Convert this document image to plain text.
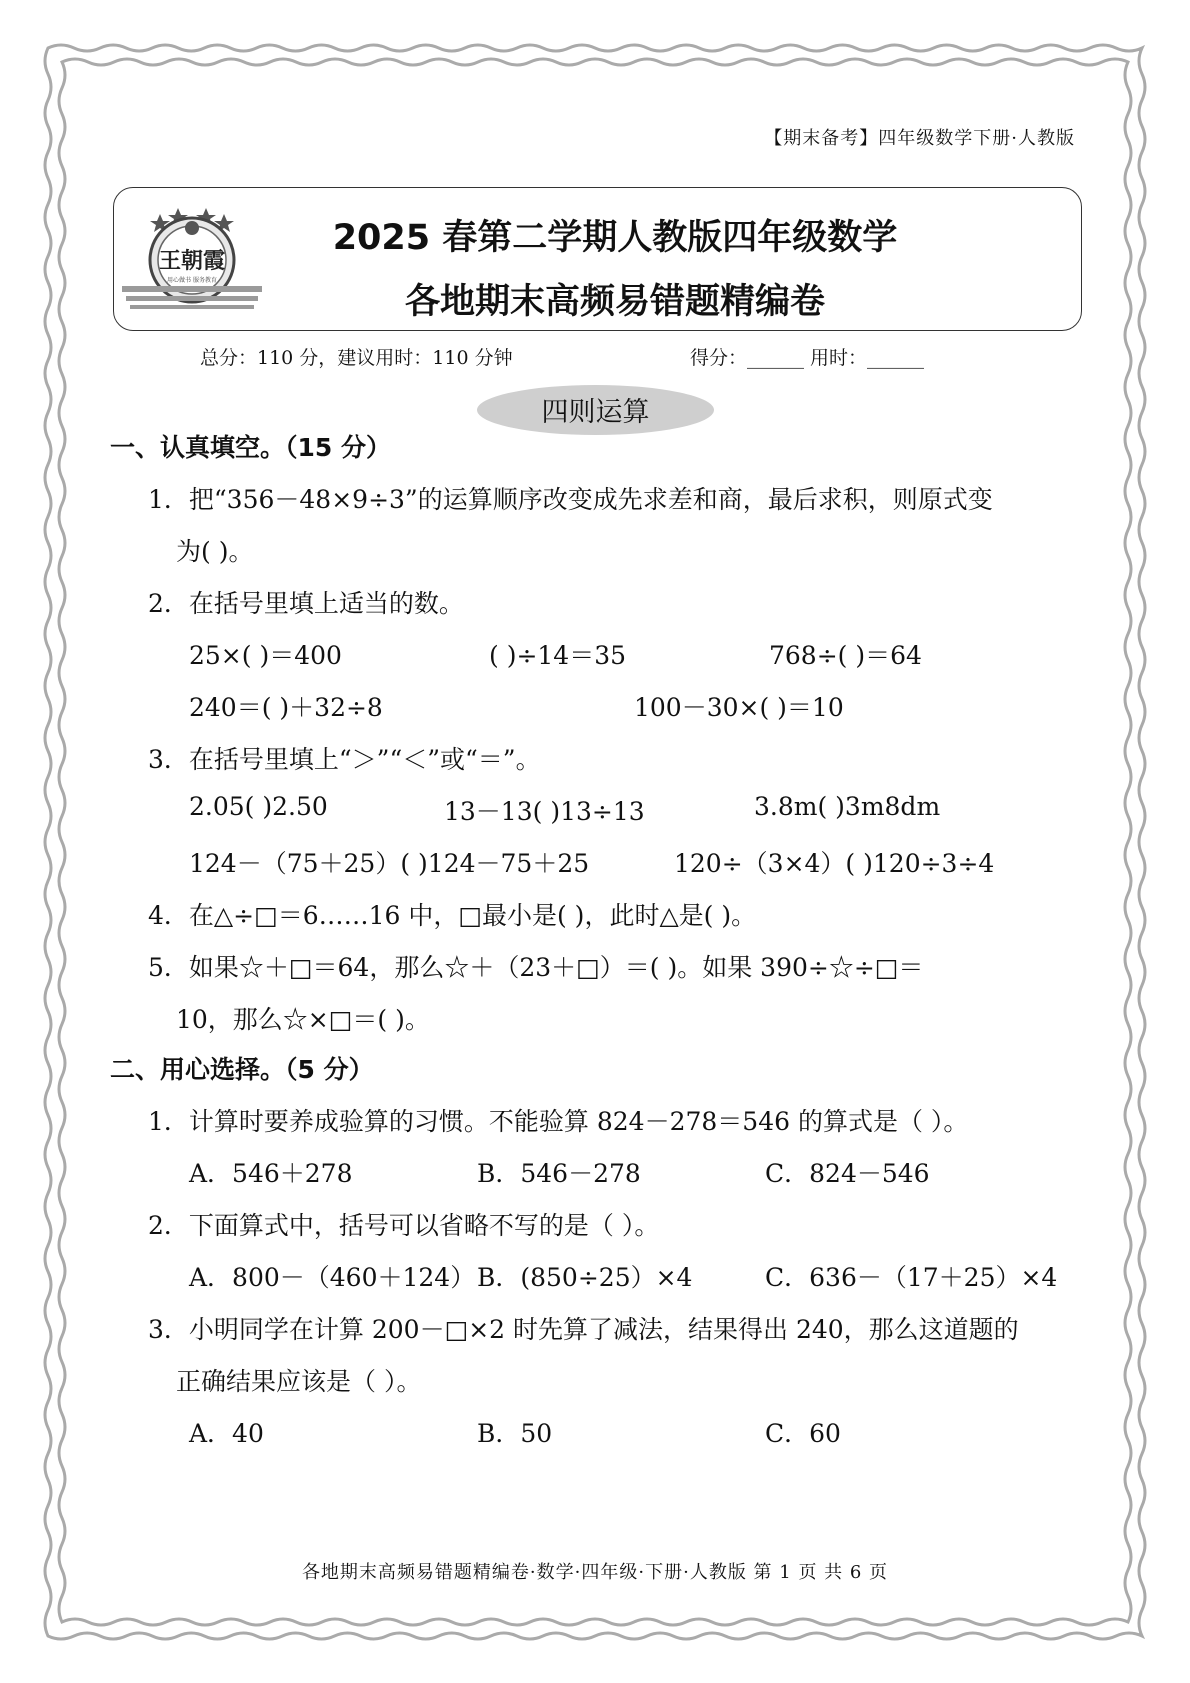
【期末备考】四年级数学下册·人教版
王朝霞
用心做书 服务教育
2025 春第二学期人教版四年级数学
各地期末高频易错题精编卷
总分：110 分，建议用时：110 分钟	得分：______ 用时：______
四则运算
一、认真填空。（15 分）
1．把“356－48×9÷3”的运算顺序改变成先求差和商，最后求积，则原式变
为( )。
2．在括号里填上适当的数。
25×( )＝400	( )÷14＝35	768÷( )＝64
240＝( )＋32÷8	100－30×( )＝10
3．在括号里填上“＞”“＜”或“＝”。
2.05( )2.50	13－13( )13÷13	3.8m( )3m8dm
124－（75＋25）( )124－75＋25	120÷（3×4）( )120÷3÷4
4．在△÷□＝6……16 中，□最小是( )，此时△是( )。
5．如果☆＋□＝64，那么☆＋（23＋□）＝( )。如果 390÷☆÷□＝
10，那么☆×□＝( )。
二、用心选择。（5 分）
1．计算时要养成验算的习惯。不能验算 824－278＝546 的算式是（ ）。
A．546＋278	B．546－278	C．824－546
2．下面算式中，括号可以省略不写的是（ ）。
A．800－（460＋124） B．(850÷25）×4	C．636－（17＋25）×4
3．小明同学在计算 200－□×2 时先算了减法，结果得出 240，那么这道题的
正确结果应该是（ ）。
A．40	B．50	C．60
各地期末高频易错题精编卷·数学·四年级·下册·人教版 第 1 页 共 6 页
